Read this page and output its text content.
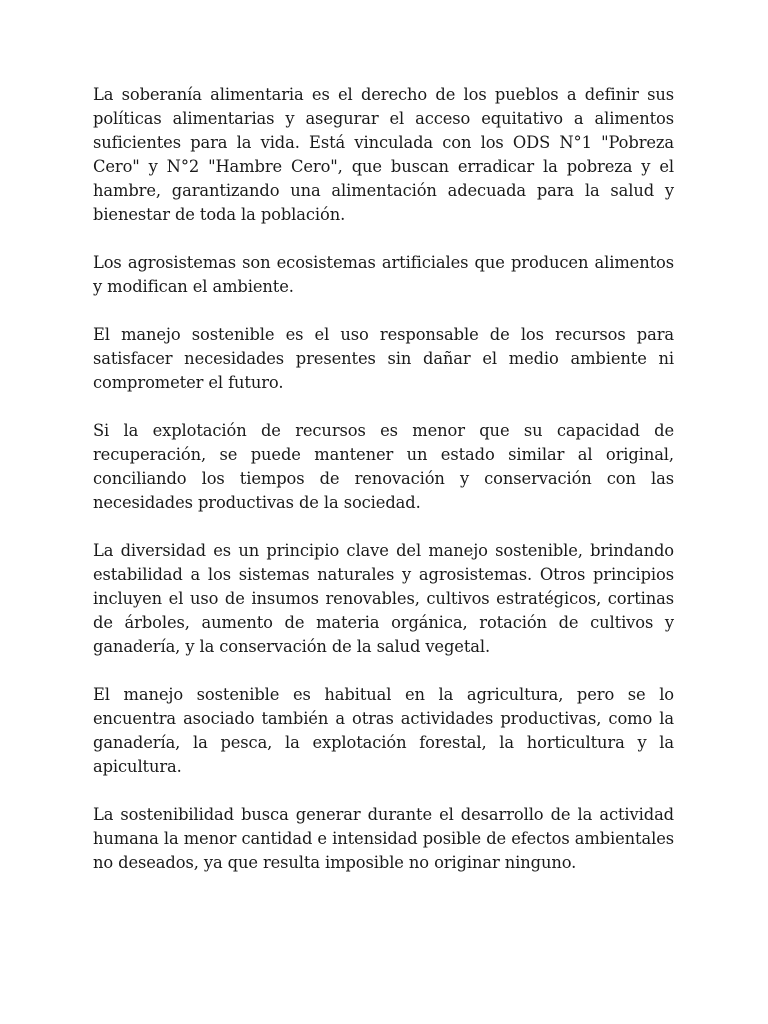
La soberanía alimentaria es el derecho de los pueblos a definir sus políticas alimentarias y asegurar el acceso equitativo a alimentos suficientes para la vida. Está vinculada con los ODS N°1 "Pobreza Cero" y N°2 "Hambre Cero", que buscan erradicar la pobreza y el hambre, garantizando una alimentación adecuada para la salud y bienestar de toda la población.

Los agrosistemas son ecosistemas artificiales que producen alimentos y modifican el ambiente.

El manejo sostenible es el uso responsable de los recursos para satisfacer necesidades presentes sin dañar el medio ambiente ni comprometer el futuro.

Si la explotación de recursos es menor que su capacidad de recuperación, se puede mantener un estado similar al original, conciliando los tiempos de renovación y conservación con las necesidades productivas de la sociedad.

La diversidad es un principio clave del manejo sostenible, brindando estabilidad a los sistemas naturales y agrosistemas. Otros principios incluyen el uso de insumos renovables, cultivos estratégicos, cortinas de árboles, aumento de materia orgánica, rotación de cultivos y ganadería, y la conservación de la salud vegetal.

El manejo sostenible es habitual en la agricultura, pero se lo encuentra asociado también a otras actividades productivas, como la ganadería, la pesca, la explotación forestal, la horticultura y la apicultura.

La sostenibilidad busca generar durante el desarrollo de la actividad humana la menor cantidad e intensidad posible de efectos ambientales no deseados, ya que resulta imposible no originar ninguno.
